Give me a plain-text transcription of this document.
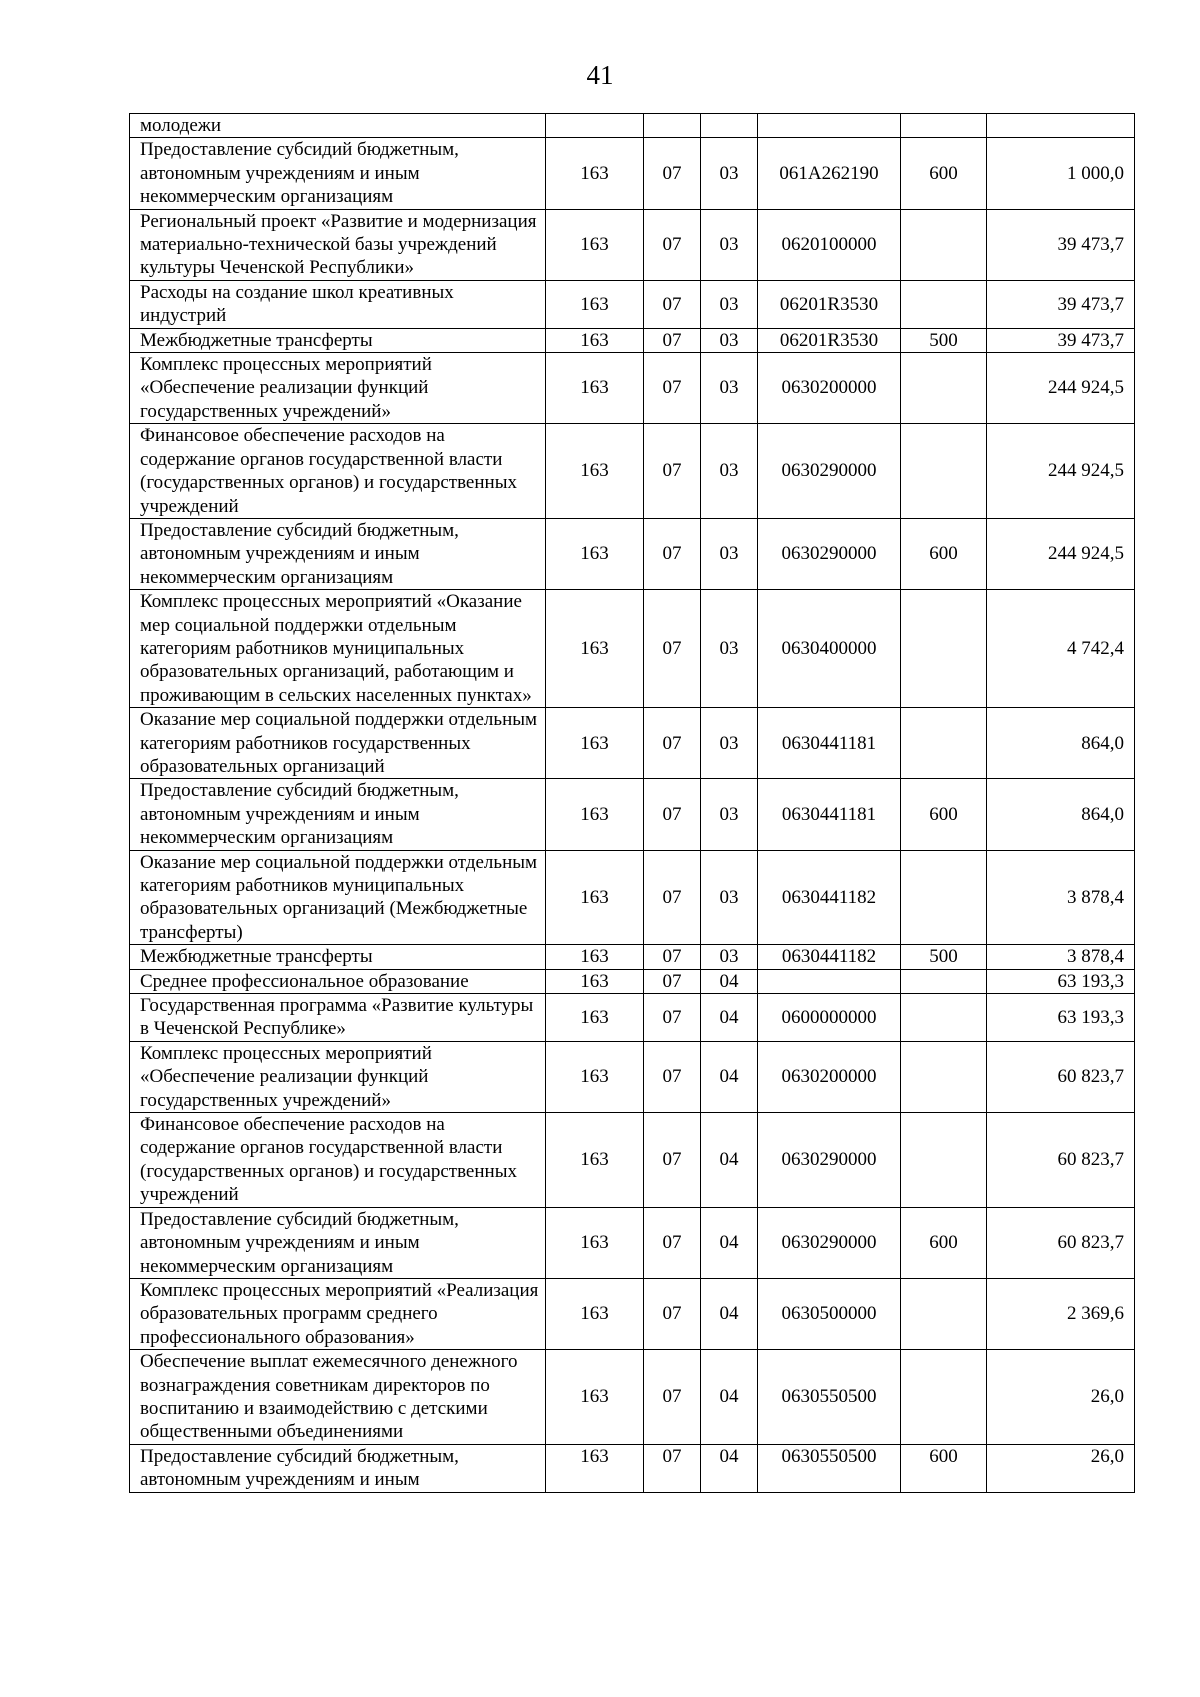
41
молодежи						
Предоставление субсидий бюджетным, автономным учреждениям и иным некоммерческим организациям	163	07	03	061A262190	600	1 000,0
Региональный проект «Развитие и модернизация материально-технической базы учреждений культуры Чеченской Республики»	163	07	03	0620100000		39 473,7
Расходы на создание школ креативных индустрий	163	07	03	06201R3530		39 473,7
Межбюджетные трансферты	163	07	03	06201R3530	500	39 473,7
Комплекс процессных мероприятий «Обеспечение реализации функций государственных учреждений»	163	07	03	0630200000		244 924,5
Финансовое обеспечение расходов на содержание органов государственной власти (государственных органов) и государственных учреждений	163	07	03	0630290000		244 924,5
Предоставление субсидий бюджетным, автономным учреждениям и иным некоммерческим организациям	163	07	03	0630290000	600	244 924,5
Комплекс процессных мероприятий «Оказание мер социальной поддержки отдельным категориям работников муниципальных образовательных организаций, работающим и проживающим в сельских населенных пунктах»	163	07	03	0630400000		4 742,4
Оказание мер социальной поддержки отдельным категориям работников государственных образовательных организаций	163	07	03	0630441181		864,0
Предоставление субсидий бюджетным, автономным учреждениям и иным некоммерческим организациям	163	07	03	0630441181	600	864,0
Оказание мер социальной поддержки отдельным категориям работников муниципальных образовательных организаций (Межбюджетные трансферты)	163	07	03	0630441182		3 878,4
Межбюджетные трансферты	163	07	03	0630441182	500	3 878,4
Среднее профессиональное образование	163	07	04			63 193,3
Государственная программа «Развитие культуры в Чеченской Республике»	163	07	04	0600000000		63 193,3
Комплекс процессных мероприятий «Обеспечение реализации функций государственных учреждений»	163	07	04	0630200000		60 823,7
Финансовое обеспечение расходов на содержание органов государственной власти (государственных органов) и государственных учреждений	163	07	04	0630290000		60 823,7
Предоставление субсидий бюджетным, автономным учреждениям и иным некоммерческим организациям	163	07	04	0630290000	600	60 823,7
Комплекс процессных мероприятий «Реализация образовательных программ среднего профессионального образования»	163	07	04	0630500000		2 369,6
Обеспечение выплат ежемесячного денежного вознаграждения советникам директоров по воспитанию и взаимодействию с детскими общественными объединениями	163	07	04	0630550500		26,0
Предоставление субсидий бюджетным, автономным учреждениям и иным	163	07	04	0630550500	600	26,0
